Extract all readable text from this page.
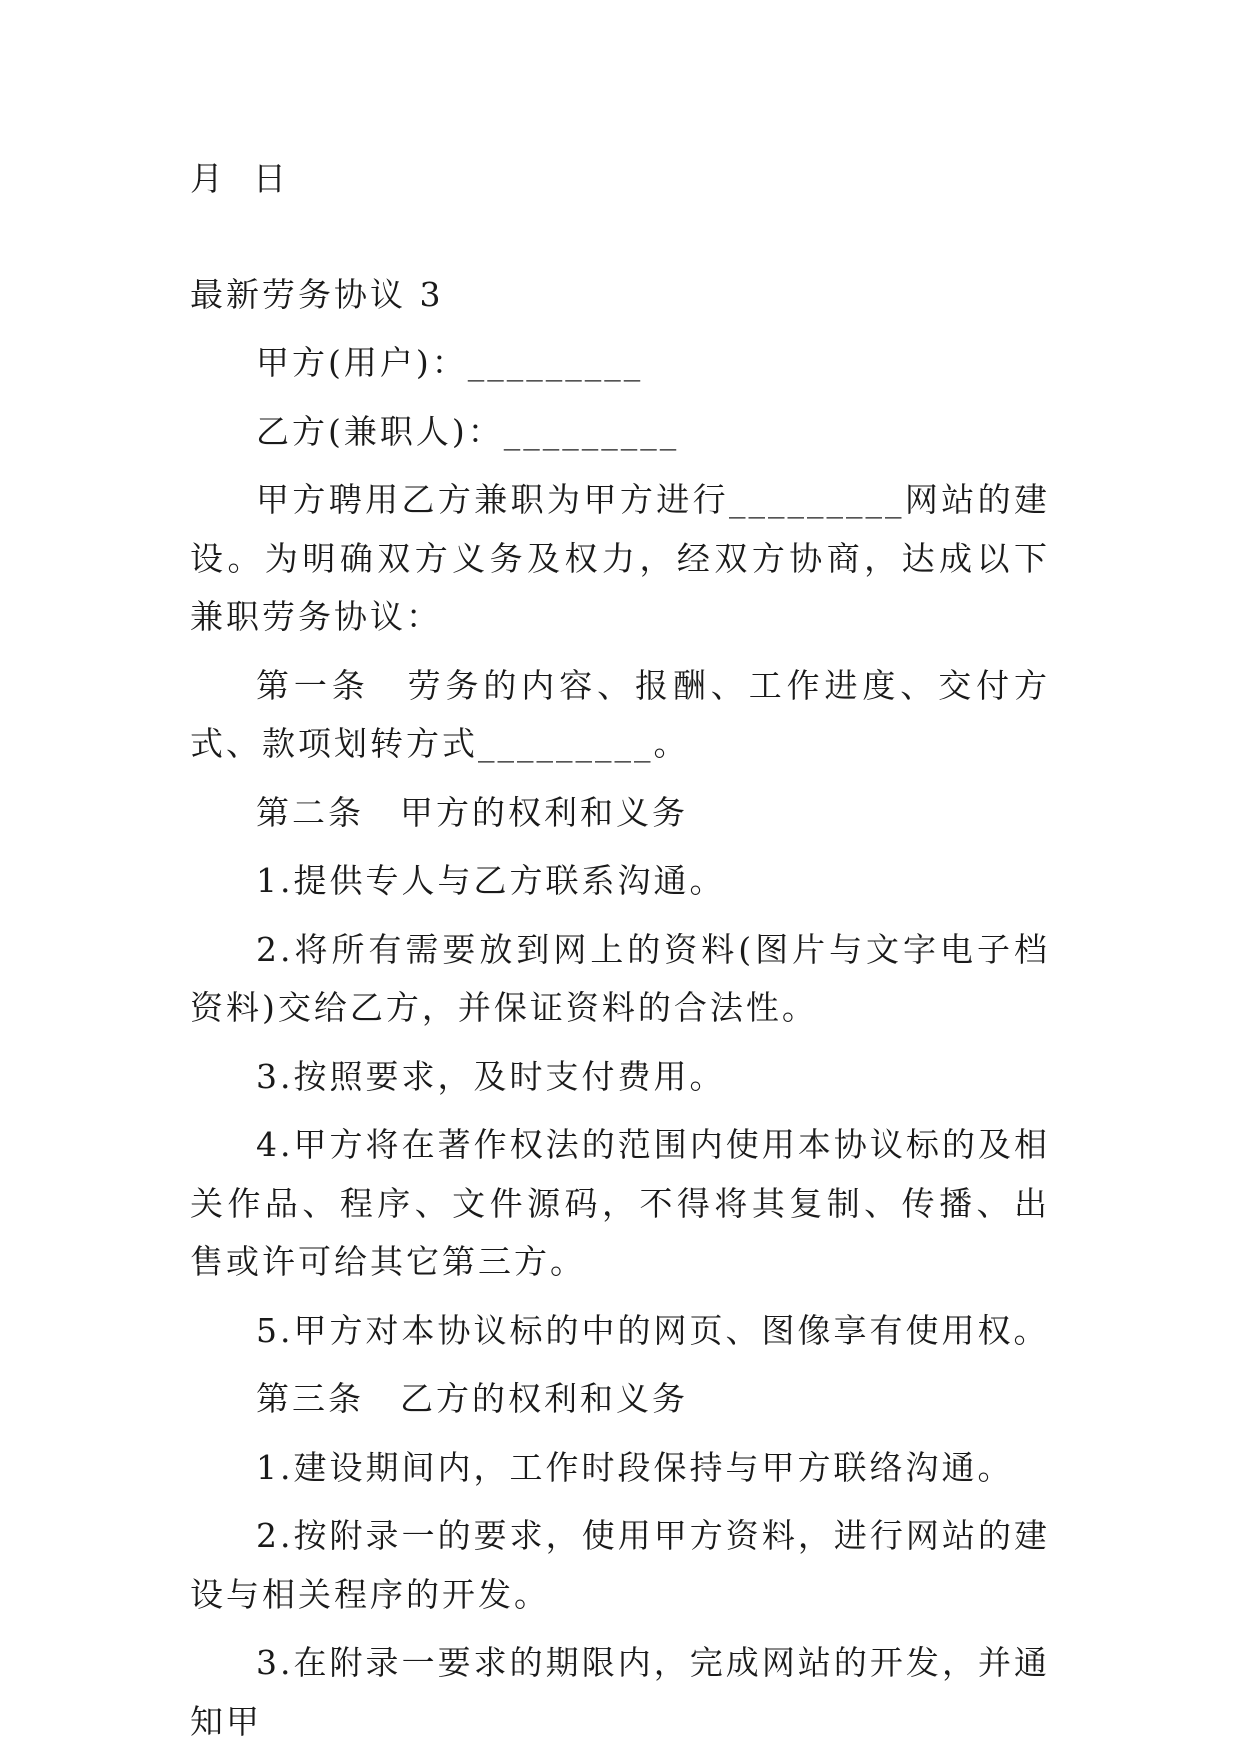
月  日

最新劳务协议 3

甲方(用户)：_________

乙方(兼职人)：_________

甲方聘用乙方兼职为甲方进行_________网站的建设。为明确双方义务及权力，经双方协商，达成以下兼职劳务协议：

第一条　劳务的内容、报酬、工作进度、交付方式、款项划转方式_________。

第二条　甲方的权利和义务

1.提供专人与乙方联系沟通。

2.将所有需要放到网上的资料(图片与文字电子档资料)交给乙方，并保证资料的合法性。

3.按照要求，及时支付费用。

4.甲方将在著作权法的范围内使用本协议标的及相关作品、程序、文件源码，不得将其复制、传播、出售或许可给其它第三方。

5.甲方对本协议标的中的网页、图像享有使用权。

第三条　乙方的权利和义务

1.建设期间内，工作时段保持与甲方联络沟通。

2.按附录一的要求，使用甲方资料，进行网站的建设与相关程序的开发。

3.在附录一要求的期限内，完成网站的开发，并通知甲
